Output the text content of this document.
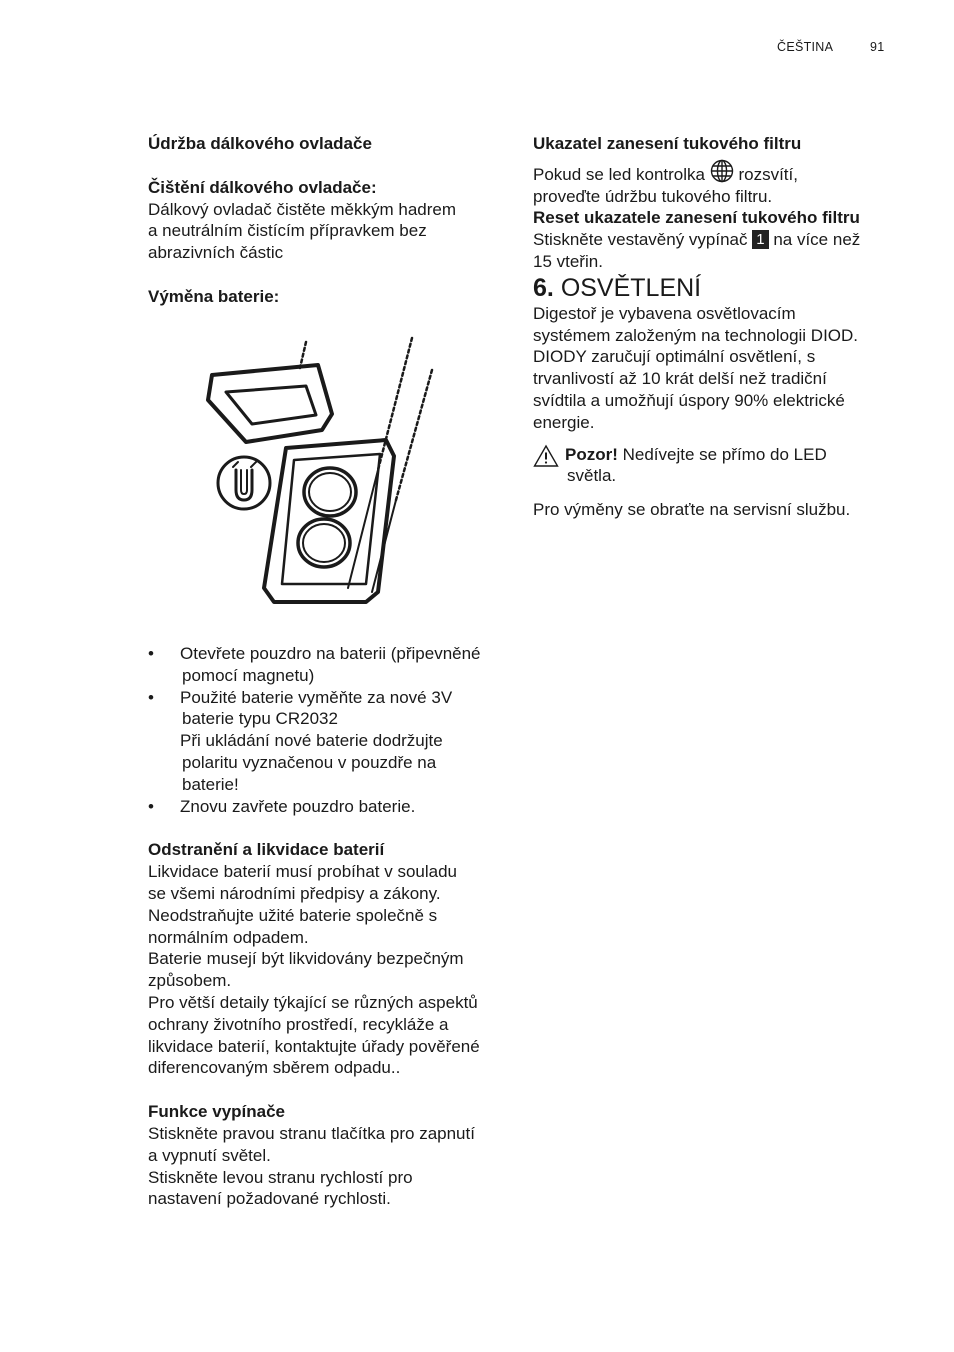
ČEŠTINA	91

Údržba dálkového ovladače

Čištění dálkového ovladače:

Dálkový ovladač čistěte měkkým hadrem

a neutrálním čistícím přípravkem bez

abrazivních částic

Výměna baterie:

• Otevřete pouzdro na baterii (připevněné
pomocí magnetu)
• Použité baterie vyměňte za nové 3V
baterie typu CR2032
Při ukládání nové baterie dodržujte
polaritu vyznačenou v pouzdře na
baterie!
• Znovu zavřete pouzdro baterie.

Odstranění a likvidace baterií

Likvidace baterií musí probíhat v souladu

se všemi národními předpisy a zákony.

Neodstraňujte užité baterie společně s

normálním odpadem.

Baterie musejí být likvidovány bezpečným

způsobem.

Pro větší detaily týkající se různých aspektů

ochrany životního prostředí, recykláže a

likvidace baterií, kontaktujte úřady pověřené

diferencovaným sběrem odpadu..

Funkce vypínače

Stiskněte pravou stranu tlačítka pro zapnutí

a vypnutí světel.

Stiskněte levou stranu rychlostí pro

nastavení požadované rychlosti.

Ukazatel zanesení tukového filtru

Pokud se led kontrolka rozsvítí,

proveďte údržbu tukového filtru.

Reset ukazatele zanesení tukového filtru

Stiskněte vestavěný vypínač 1 na více než

15 vteřin.

6. OSVĚTLENÍ

Digestoř je vybavena osvětlovacím

systémem založeným na technologii DIOD.

DIODY zaručují optimální osvětlení, s

trvanlivostí až 10 krát delší než tradiční

svídtila a umožňují úspory 90% elektrické

energie.

Pozor! Nedívejte se přímo do LED
světla.

Pro výměny se obraťte na servisní službu.
